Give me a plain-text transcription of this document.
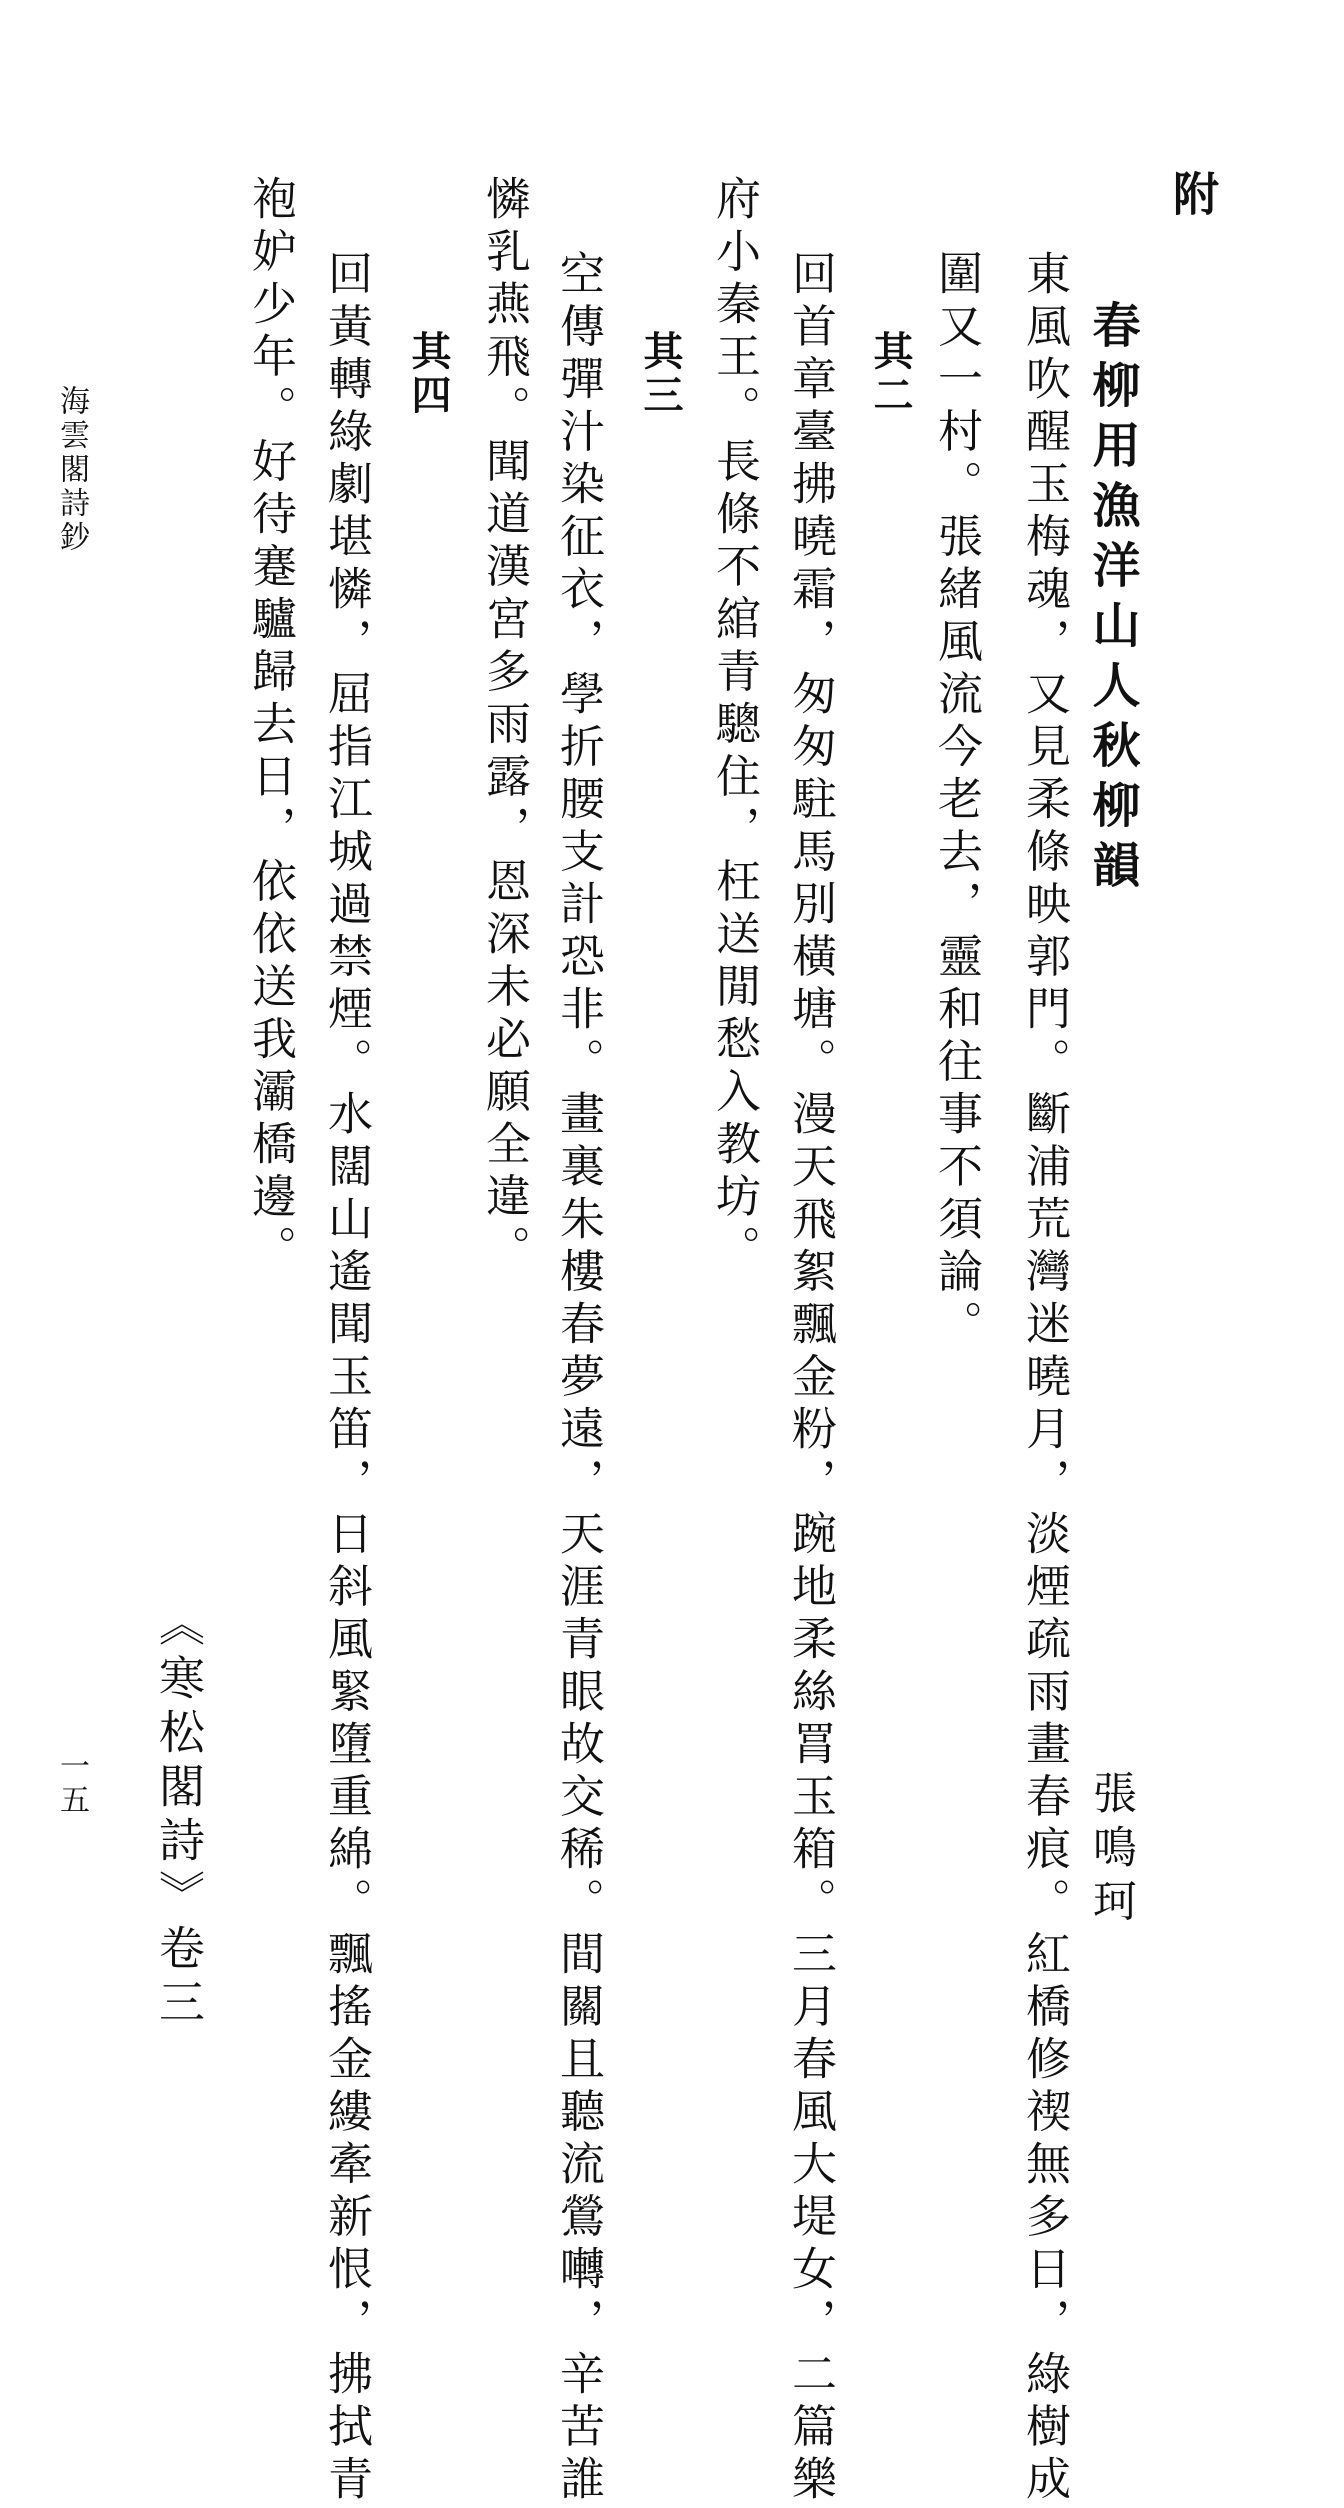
附
春柳用漁洋山人秋柳韻
張鳴珂
東風吹醒玉梅魂，又見柔條映郭門。斷浦荒灣迷曉月，淡煙疏雨畫春痕。紅橋修禊無多日，綠樹成
圍又一村。張緒風流今老去，靈和往事不須論。
其二
回首章臺拂曉霜，匆匆駐馬別橫塘。漫天飛絮飄金粉，踠地柔絲罥玉箱。三月春風大堤女，二篇樂
府小秦王。長條不綰青驄住，枉送閒愁入教坊。
其三
空傳彈汁染征衣，學折腰支計恐非。畫裏朱樓春夢遠，天涯青眼故交稀。間關且聽流鶯囀，辛苦誰
憐乳燕飛。聞道漢宮多雨露，恩深未必願全違。
其四
回黃轉綠劇堪憐，屈指江城過禁煙。水闊山遙聞玉笛，日斜風緊墮重綿。飄搖金縷牽新恨，拂拭青
袍妒少年。好待蹇驢歸去日，依依送我灞橋邊。
《寒松閣詩》卷三
海雲閣詩鈔
一五
